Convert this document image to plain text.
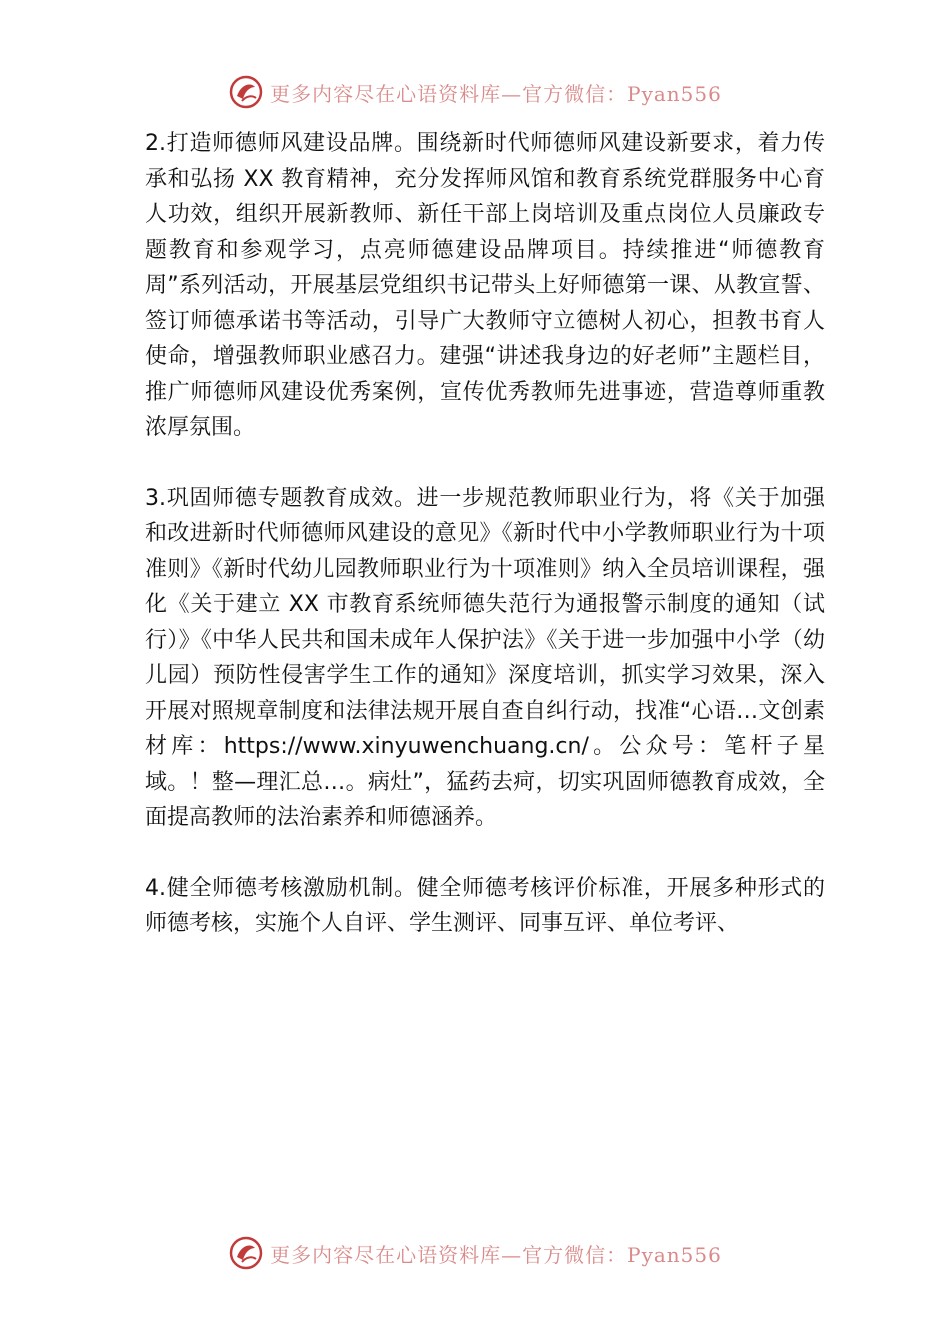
更多内容尽在心语资料库—官方微信：Pyan556

2.打造师德师风建设品牌。围绕新时代师德师风建设新要求，着力传承和弘扬 XX 教育精神，充分发挥师风馆和教育系统党群服务中心育人功效，组织开展新教师、新任干部上岗培训及重点岗位人员廉政专题教育和参观学习，点亮师德建设品牌项目。持续推进“师德教育周”系列活动，开展基层党组织书记带头上好师德第一课、从教宣誓、签订师德承诺书等活动，引导广大教师守立德树人初心，担教书育人使命，增强教师职业感召力。建强“讲述我身边的好老师”主题栏目，推广师德师风建设优秀案例，宣传优秀教师先进事迹，营造尊师重教浓厚氛围。

3.巩固师德专题教育成效。进一步规范教师职业行为，将《关于加强和改进新时代师德师风建设的意见》《新时代中小学教师职业行为十项准则》《新时代幼儿园教师职业行为十项准则》纳入全员培训课程，强化《关于建立 XX 市教育系统师德失范行为通报警示制度的通知（试行）》《中华人民共和国未成年人保护法》《关于进一步加强中小学（幼儿园）预防性侵害学生工作的通知》深度培训，抓实学习效果，深入开展对照规章制度和法律法规开展自查自纠行动，找准“心语…文创素材库：https://www.xinyuwenchuang.cn/。公众号：笔杆子星域。！整—理汇总…。病灶”，猛药去疴，切实巩固师德教育成效，全面提高教师的法治素养和师德涵养。

4.健全师德考核激励机制。健全师德考核评价标准，开展多种形式的师德考核，实施个人自评、学生测评、同事互评、单位考评、

更多内容尽在心语资料库—官方微信：Pyan556
